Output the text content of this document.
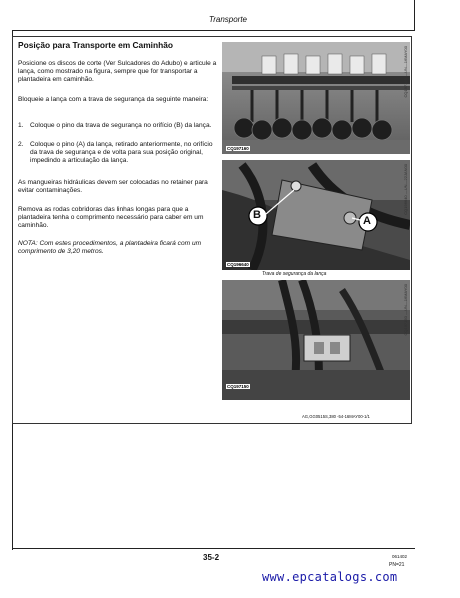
Transporte
Posição para Transporte em Caminhão
Posicione os discos de corte (Ver Sulcadores do Adubo) e articule a lança, como mostrado na figura, sempre que for transportar a plantadeira em caminhão.
Bloqueie a lança com a trava de segurança da seguinte maneira:
1. Coloque o pino da trava de segurança no orifício (B) da lança.
2. Coloque o pino (A) da lança, retirado anteriormente, no orifício da trava de segurança e de volta para sua posição original, impedindo a articulação da lança.
As mangueiras hidráulicas devem ser colocadas no retainer para evitar contaminações.
Remova as rodas cobridoras das linhas longas para que a plantadeira tenha o comprimento necessário para caber em um caminhão.
NOTA: Com estes procedimentos, a plantadeira ficará com um comprimento de 3,20 metros.
CQ197160
CQ197160 —UN—16MAY00
B	A
CQ196640
CQ196640 —UN—22JAN00
Trava de segurança da lança
CQ197150
CQ197150 —UN—16MAY00
AG,GG0515S,380 -54-16MAY00-1/1
35-2	061402
PN=21
www.epcatalogs.com
